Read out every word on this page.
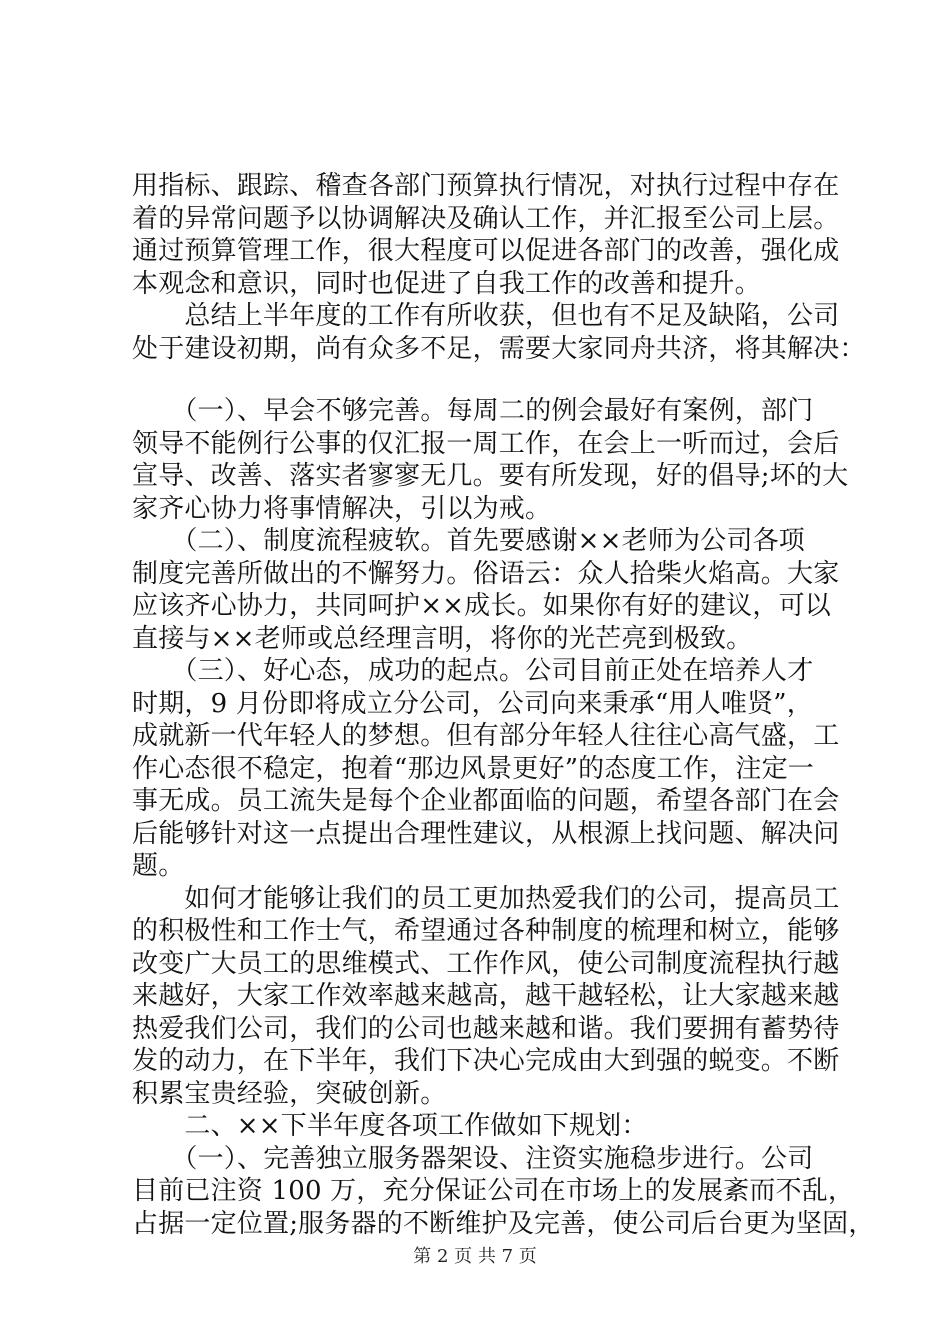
用指标、跟踪、稽查各部门预算执行情况，对执行过程中存在
着的异常问题予以协调解决及确认工作，并汇报至公司上层。
通过预算管理工作，很大程度可以促进各部门的改善，强化成
本观念和意识，同时也促进了自我工作的改善和提升。
　　总结上半年度的工作有所收获，但也有不足及缺陷，公司
处于建设初期，尚有众多不足，需要大家同舟共济，将其解决：
　　（一）、早会不够完善。每周二的例会最好有案例，部门
领导不能例行公事的仅汇报一周工作，在会上一听而过，会后
宣导、改善、落实者寥寥无几。要有所发现，好的倡导;坏的大
家齐心协力将事情解决，引以为戒。
　　（二）、制度流程疲软。首先要感谢××老师为公司各项
制度完善所做出的不懈努力。俗语云：众人拾柴火焰高。大家
应该齐心协力，共同呵护××成长。如果你有好的建议，可以
直接与××老师或总经理言明，将你的光芒亮到极致。
　　（三）、好心态，成功的起点。公司目前正处在培养人才
时期，9 月份即将成立分公司，公司向来秉承“用人唯贤”，
成就新一代年轻人的梦想。但有部分年轻人往往心高气盛，工
作心态很不稳定，抱着“那边风景更好”的态度工作，注定一
事无成。员工流失是每个企业都面临的问题，希望各部门在会
后能够针对这一点提出合理性建议，从根源上找问题、解决问
题。
　　如何才能够让我们的员工更加热爱我们的公司，提高员工
的积极性和工作士气，希望通过各种制度的梳理和树立，能够
改变广大员工的思维模式、工作作风，使公司制度流程执行越
来越好，大家工作效率越来越高，越干越轻松，让大家越来越
热爱我们公司，我们的公司也越来越和谐。我们要拥有蓄势待
发的动力，在下半年，我们下决心完成由大到强的蜕变。不断
积累宝贵经验，突破创新。
　　二、××下半年度各项工作做如下规划：
　　（一）、完善独立服务器架设、注资实施稳步进行。公司
目前已注资 100 万，充分保证公司在市场上的发展紊而不乱，
占据一定位置;服务器的不断维护及完善，使公司后台更为坚固，
第 2 页 共 7 页
